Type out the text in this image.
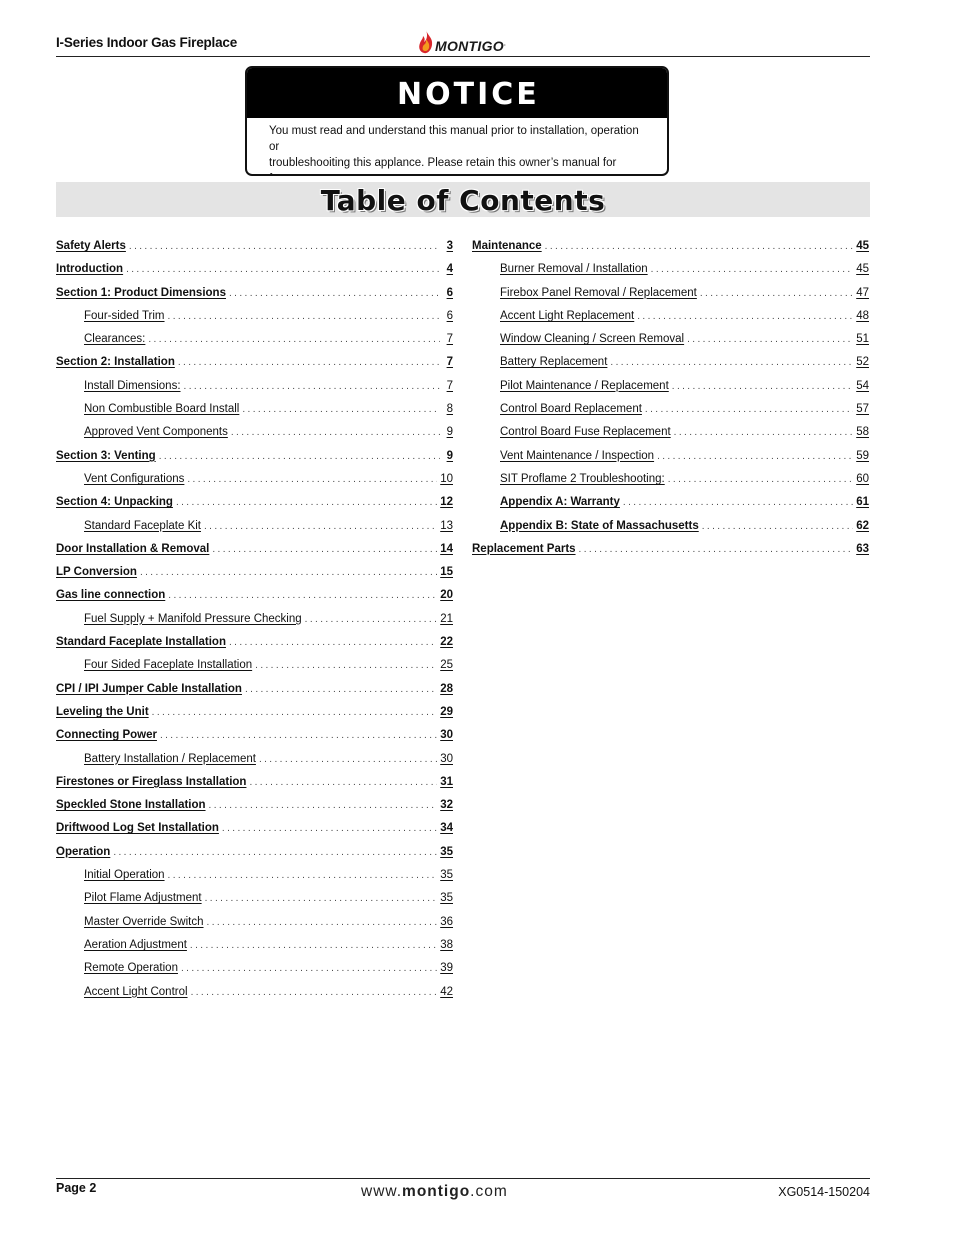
I-Series Indoor Gas Fireplace	MONTIGO.
NOTICE
You must read and understand this manual prior to installation, operation or
troubleshooiting this applance. Please retain this owner’s manual for
Table of Contents
Safety Alerts .....	3
Introduction .....	4
Section 1: Product Dimensions .....	6
Four-sided Trim .....	6
Clearances: .....	7
Section 2: Installation .....	7
Install Dimensions: .....	7
Non Combustible Board Install .....	8
Approved Vent Components .....	9
Section 3: Venting .....	9
Vent Configurations .....	10
Section 4: Unpacking .....	12
Standard Faceplate Kit .....	13
Door Installation & Removal .....	14
LP Conversion .....	15
Gas line connection .....	20
Fuel Supply + Manifold Pressure Checking .....	21
Standard Faceplate Installation .....	22
Four Sided Faceplate Installation .....	25
CPI / IPI Jumper Cable Installation .....	28
Leveling the Unit .....	29
Connecting Power .....	30
Battery Installation / Replacement .....	30
Firestones or Fireglass Installation .....	31
Speckled Stone Installation .....	32
Driftwood Log Set Installation .....	34
Operation .....	35
Initial Operation .....	35
Pilot Flame Adjustment .....	35
Master Override Switch .....	36
Aeration Adjustment .....	38
Remote Operation .....	39
Accent Light Control .....	42
Maintenance .....	45
Burner Removal / Installation .....	45
Firebox Panel Removal / Replacement .....	47
Accent Light Replacement .....	48
Window Cleaning / Screen Removal .....	51
Battery Replacement .....	52
Pilot Maintenance / Replacement .....	54
Control Board Replacement .....	57
Control Board Fuse Replacement .....	58
Vent Maintenance / Inspection .....	59
SIT Proflame 2 Troubleshooting: .....	60
Appendix A: Warranty .....	61
Appendix B: State of Massachusetts .....	62
Replacement Parts .....	63
Page 2	www.montigo.com	XG0514-150204
